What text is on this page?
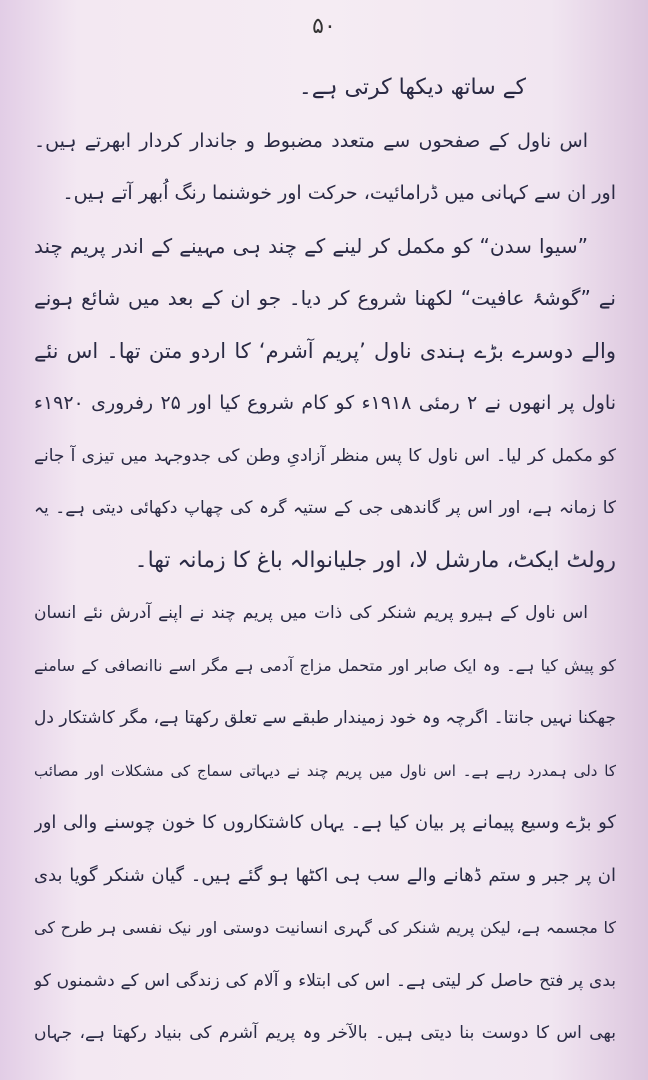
۵۰
کے ساتھ دیکھا کرتی ہے۔
اس ناول کے صفحوں سے متعدد مضبوط و جاندار کردار ابھرتے ہیں۔
اور ان سے کہانی میں ڈرامائیت، حرکت اور خوشنما رنگ اُبھر آتے ہیں۔
”سیوا سدن“ کو مکمل کر لینے کے چند ہی مہینے کے اندر پریم چند
نے ”گوشۂ عافیت“ لکھنا شروع کر دیا۔ جو ان کے بعد میں شائع ہونے
والے دوسرے بڑے ہندی ناول ’پریم آشرم‘ کا اردو متن تھا۔ اس نئے
ناول پر انھوں نے ۲ رمئی ۱۹۱۸ء کو کام شروع کیا اور ۲۵ رفروری ۱۹۲۰ء
کو مکمل کر لیا۔ اس ناول کا پس منظر آزادیِ وطن کی جدوجہد میں تیزی آ جانے
کا زمانہ ہے، اور اس پر گاندھی جی کے ستیہ گرہ کی چھاپ دکھائی دیتی ہے۔ یہ
رولٹ ایکٹ، مارشل لا، اور جلیانوالہ باغ کا زمانہ تھا۔
اس ناول کے ہیرو پریم شنکر کی ذات میں پریم چند نے اپنے آدرش نئے انسان
کو پیش کیا ہے۔ وہ ایک صابر اور متحمل مزاج آدمی ہے مگر اسے ناانصافی کے سامنے
جھکنا نہیں جانتا۔ اگرچہ وہ خود زمیندار طبقے سے تعلق رکھتا ہے، مگر کاشتکار دل
کا دلی ہمدرد رہے ہے۔ اس ناول میں پریم چند نے دیہاتی سماج کی مشکلات اور مصائب
کو بڑے وسیع پیمانے پر بیان کیا ہے۔ یہاں کاشتکاروں کا خون چوسنے والی اور
ان پر جبر و ستم ڈھانے والے سب ہی اکٹھا ہو گئے ہیں۔ گیان شنکر گویا بدی
کا مجسمہ ہے، لیکن پریم شنکر کی گہری انسانیت دوستی اور نیک نفسی ہر طرح کی
بدی پر فتح حاصل کر لیتی ہے۔ اس کی ابتلاء و آلام کی زندگی اس کے دشمنوں کو
بھی اس کا دوست بنا دیتی ہیں۔ بالآخر وہ پریم آشرم کی بنیاد رکھتا ہے، جہاں
